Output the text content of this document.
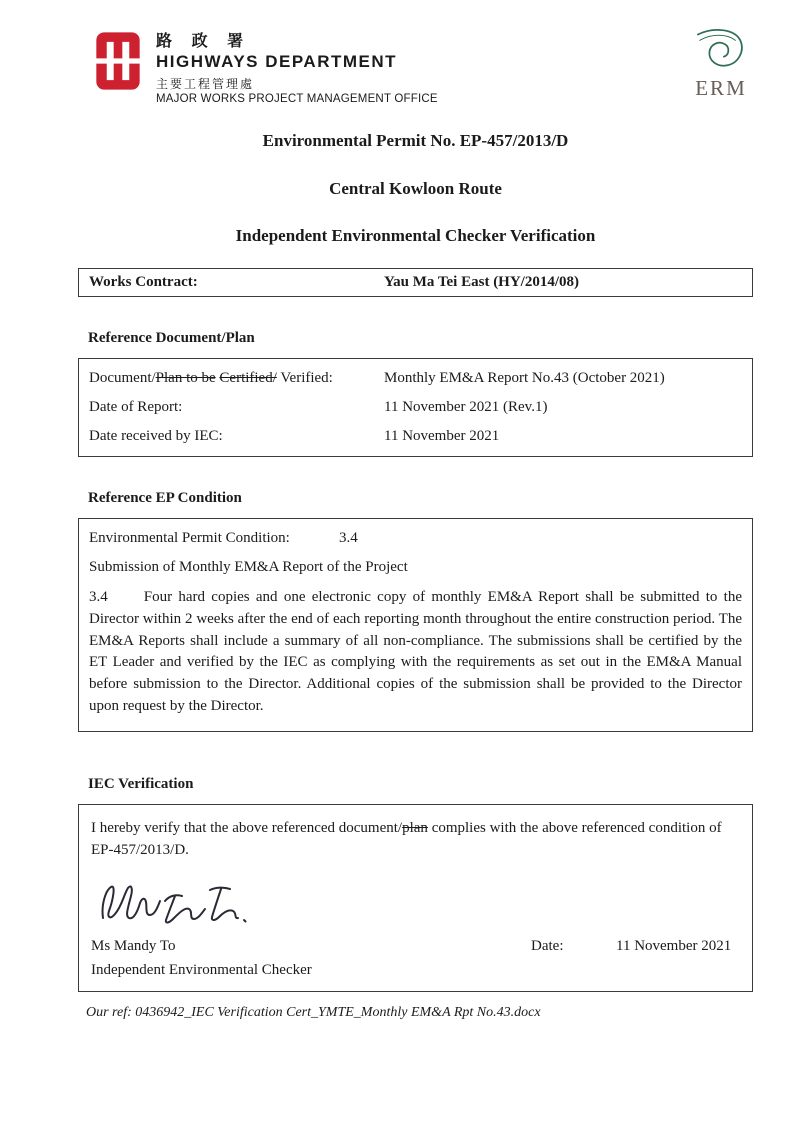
路 政 署
HIGHWAYS DEPARTMENT
主要工程管理處
MAJOR WORKS PROJECT MANAGEMENT OFFICE	ERM
Environmental Permit No. EP-457/2013/D
Central Kowloon Route
Independent Environmental Checker Verification
Works Contract:	Yau Ma Tei East (HY/2014/08)
Reference Document/Plan
Document/Plan to be Certified/ Verified:	Monthly EM&A Report No.43 (October 2021)
Date of Report:	11 November 2021 (Rev.1)
Date received by IEC:	11 November 2021
Reference EP Condition
Environmental Permit Condition:	3.4
Submission of Monthly EM&A Report of the Project
3.4 Four hard copies and one electronic copy of monthly EM&A Report shall be submitted to the Director within 2 weeks after the end of each reporting month throughout the entire construction period. The EM&A Reports shall include a summary of all non-compliance. The submissions shall be certified by the ET Leader and verified by the IEC as complying with the requirements as set out in the EM&A Manual before submission to the Director. Additional copies of the submission shall be provided to the Director upon request by the Director.
IEC Verification
I hereby verify that the above referenced document/plan complies with the above referenced condition of EP-457/2013/D.
Ms Mandy To	Date:	11 November 2021
Independent Environmental Checker
Our ref: 0436942_IEC Verification Cert_YMTE_Monthly EM&A Rpt No.43.docx
